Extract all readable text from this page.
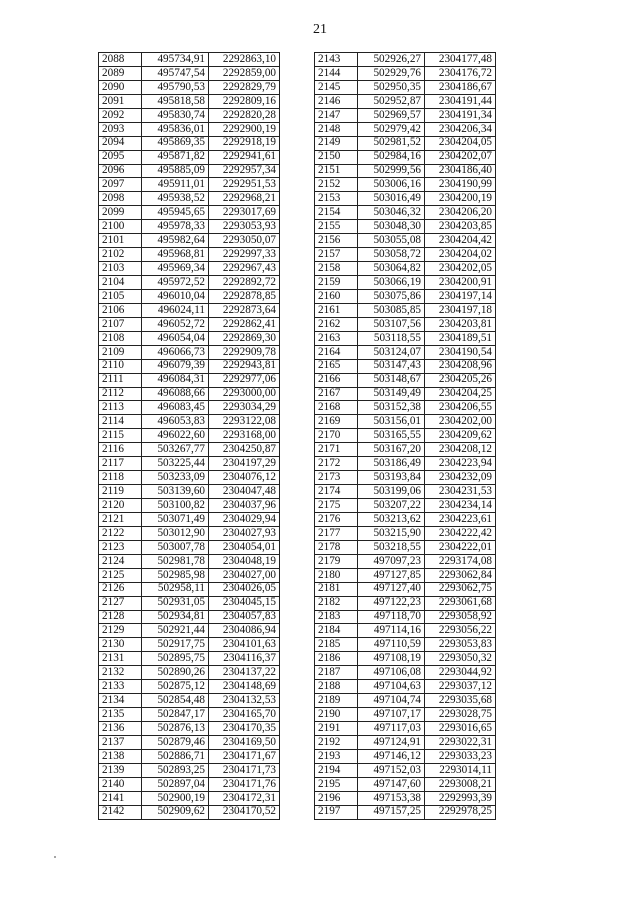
21
2088	495734,91	2292863,10
2089	495747,54	2292859,00
2090	495790,53	2292829,79
2091	495818,58	2292809,16
2092	495830,74	2292820,28
2093	495836,01	2292900,19
2094	495869,35	2292918,19
2095	495871,82	2292941,61
2096	495885,09	2292957,34
2097	495911,01	2292951,53
2098	495938,52	2292968,21
2099	495945,65	2293017,69
2100	495978,33	2293053,93
2101	495982,64	2293050,07
2102	495968,81	2292997,33
2103	495969,34	2292967,43
2104	495972,52	2292892,72
2105	496010,04	2292878,85
2106	496024,11	2292873,64
2107	496052,72	2292862,41
2108	496054,04	2292869,30
2109	496066,73	2292909,78
2110	496079,39	2292943,81
2111	496084,31	2292977,06
2112	496088,66	2293000,00
2113	496083,45	2293034,29
2114	496053,83	2293122,08
2115	496022,60	2293168,00
2116	503267,77	2304250,87
2117	503225,44	2304197,29
2118	503233,09	2304076,12
2119	503139,60	2304047,48
2120	503100,82	2304037,96
2121	503071,49	2304029,94
2122	503012,90	2304027,93
2123	503007,78	2304054,01
2124	502981,78	2304048,19
2125	502985,98	2304027,00
2126	502958,11	2304026,05
2127	502931,05	2304045,15
2128	502934,81	2304057,83
2129	502921,44	2304086,94
2130	502917,75	2304101,63
2131	502895,75	2304116,37
2132	502890,26	2304137,22
2133	502875,12	2304148,69
2134	502854,48	2304132,53
2135	502847,17	2304165,70
2136	502876,13	2304170,35
2137	502879,46	2304169,50
2138	502886,71	2304171,67
2139	502893,25	2304171,73
2140	502897,04	2304171,76
2141	502900,19	2304172,31
2142	502909,62	2304170,52
2143	502926,27	2304177,48
2144	502929,76	2304176,72
2145	502950,35	2304186,67
2146	502952,87	2304191,44
2147	502969,57	2304191,34
2148	502979,42	2304206,34
2149	502981,52	2304204,05
2150	502984,16	2304202,07
2151	502999,56	2304186,40
2152	503006,16	2304190,99
2153	503016,49	2304200,19
2154	503046,32	2304206,20
2155	503048,30	2304203,85
2156	503055,08	2304204,42
2157	503058,72	2304204,02
2158	503064,82	2304202,05
2159	503066,19	2304200,91
2160	503075,86	2304197,14
2161	503085,85	2304197,18
2162	503107,56	2304203,81
2163	503118,55	2304189,51
2164	503124,07	2304190,54
2165	503147,43	2304208,96
2166	503148,67	2304205,26
2167	503149,49	2304204,25
2168	503152,38	2304206,55
2169	503156,01	2304202,00
2170	503165,55	2304209,62
2171	503167,20	2304208,12
2172	503186,49	2304223,94
2173	503193,84	2304232,09
2174	503199,06	2304231,53
2175	503207,22	2304234,14
2176	503213,62	2304223,61
2177	503215,90	2304222,42
2178	503218,55	2304222,01
2179	497097,23	2293174,08
2180	497127,85	2293062,84
2181	497127,40	2293062,75
2182	497122,23	2293061,68
2183	497118,70	2293058,92
2184	497114,16	2293056,22
2185	497110,59	2293053,83
2186	497108,19	2293050,32
2187	497106,08	2293044,92
2188	497104,63	2293037,12
2189	497104,74	2293035,68
2190	497107,17	2293028,75
2191	497117,03	2293016,65
2192	497124,91	2293022,31
2193	497146,12	2293033,23
2194	497152,03	2293014,11
2195	497147,60	2293008,21
2196	497153,38	2292993,39
2197	497157,25	2292978,25
